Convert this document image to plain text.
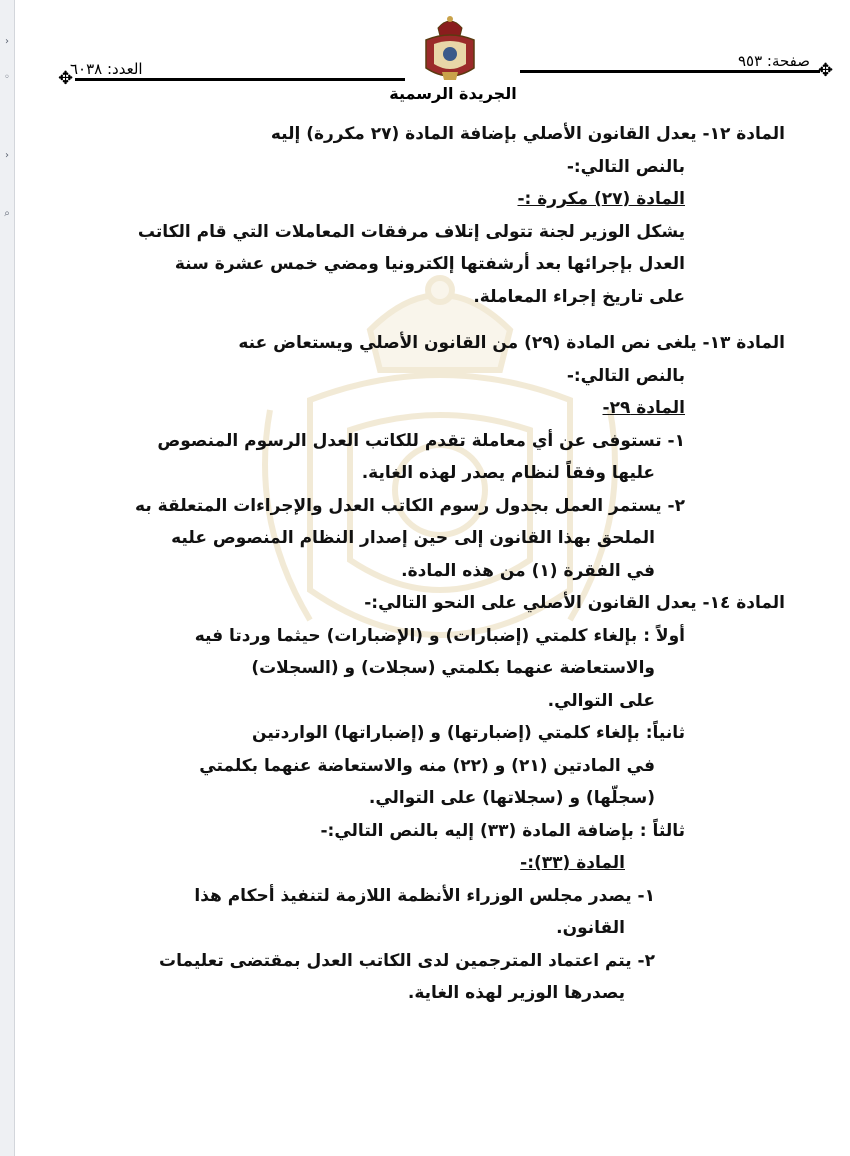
›
◦
›
⌕
✥	✥
العدد: ٦٠٣٨	صفحة: ٩٥٣
الجريدة الرسمية

المادة ١٢- يعدل القانون الأصلي بإضافة المادة (٢٧ مكررة) إليه

بالنص التالي:-

المادة (٢٧) مكررة :-

يشكل الوزير لجنة تتولى إتلاف مرفقات المعاملات التي قام الكاتب

العدل بإجرائها بعد أرشفتها إلكترونيا ومضي خمس عشرة سنة

على تاريخ إجراء المعاملة.

المادة ١٣- يلغى نص المادة (٢٩) من القانون الأصلي ويستعاض عنه

بالنص التالي:-

المادة ٢٩-

١- تستوفى عن أي معاملة تقدم للكاتب العدل الرسوم المنصوص

عليها وفقاً لنظام يصدر لهذه الغاية.

٢- يستمر العمل بجدول رسوم الكاتب العدل والإجراءات المتعلقة به

الملحق بهذا القانون إلى حين إصدار النظام المنصوص عليه

في الفقرة (١) من هذه المادة.

المادة ١٤- يعدل القانون الأصلي على النحو التالي:-

أولاً : بإلغاء كلمتي (إضبارات) و (الإضبارات) حيثما وردتا فيه

والاستعاضة عنهما بكلمتي (سجلات) و (السجلات)

على التوالي.

ثانياً: بإلغاء كلمتي (إضبارتها) و (إضباراتها) الواردتين

في المادتين (٢١) و (٢٢) منه والاستعاضة عنهما بكلمتي

(سجلّها) و (سجلاتها) على التوالي.

ثالثاً : بإضافة المادة (٣٣) إليه بالنص التالي:-

المادة (٣٣):-

١- يصدر مجلس الوزراء الأنظمة اللازمة لتنفيذ أحكام هذا

القانون.

٢- يتم اعتماد المترجمين لدى الكاتب العدل بمقتضى تعليمات

يصدرها الوزير لهذه الغاية.
